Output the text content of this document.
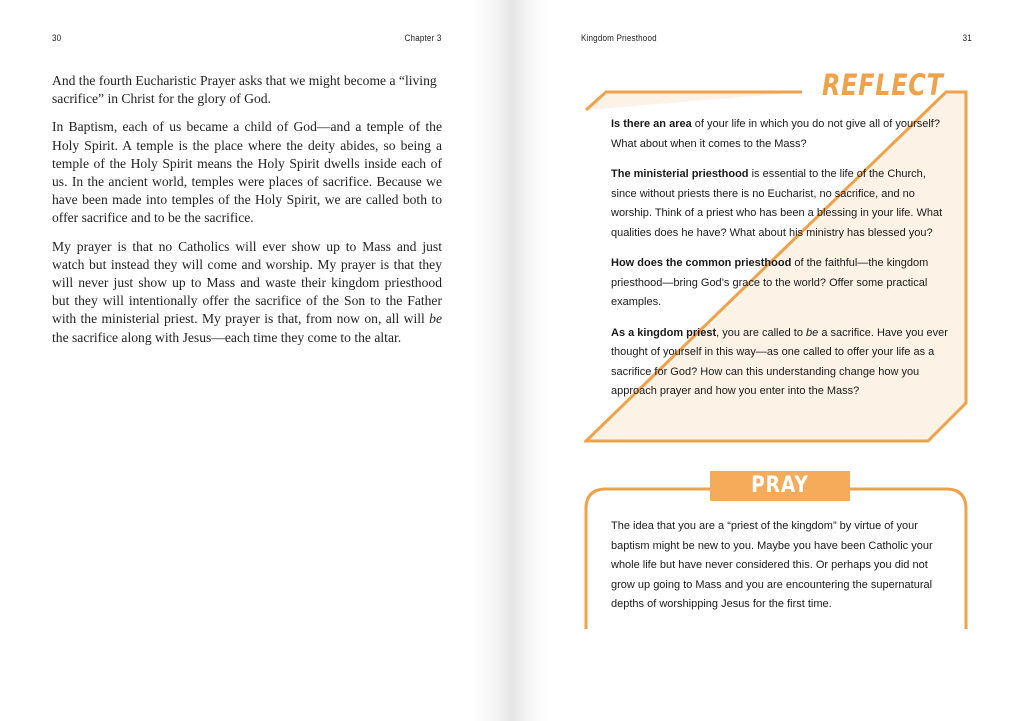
30	Chapter 3

And the fourth Eucharistic Prayer asks that we might become a “living sacrifice” in Christ for the glory of God.

In Baptism, each of us became a child of God—and a temple of the Holy Spirit. A temple is the place where the deity abides, so being a temple of the Holy Spirit means the Holy Spirit dwells inside each of us. In the ancient world, temples were places of sacrifice. Because we have been made into temples of the Holy Spirit, we are called both to offer sacrifice and to be the sacrifice.

My prayer is that no Catholics will ever show up to Mass and just watch but instead they will come and worship. My prayer is that they will never just show up to Mass and waste their kingdom priesthood but they will intentionally offer the sacrifice of the Son to the Father with the ministerial priest. My prayer is that, from now on, all will be the sacrifice along with Jesus—each time they come to the altar.

Kingdom Priesthood	31
REFLECT

Is there an area of your life in which you do not give all of yourself? What about when it comes to the Mass?

The ministerial priesthood is essential to the life of the Church, since without priests there is no Eucharist, no sacrifice, and no worship. Think of a priest who has been a blessing in your life. What qualities does he have? What about his ministry has blessed you?

How does the common priesthood of the faithful—the kingdom priesthood—bring God’s grace to the world? Offer some practical examples.

As a kingdom priest, you are called to be a sacrifice. Have you ever thought of yourself in this way—as one called to offer your life as a sacrifice for God? How can this understanding change how you approach prayer and how you enter into the Mass?

PRAY
The idea that you are a “priest of the kingdom” by virtue of your baptism might be new to you. Maybe you have been Catholic your whole life but have never considered this. Or perhaps you did not grow up going to Mass and you are encountering the supernatural depths of worshipping Jesus for the first time.
